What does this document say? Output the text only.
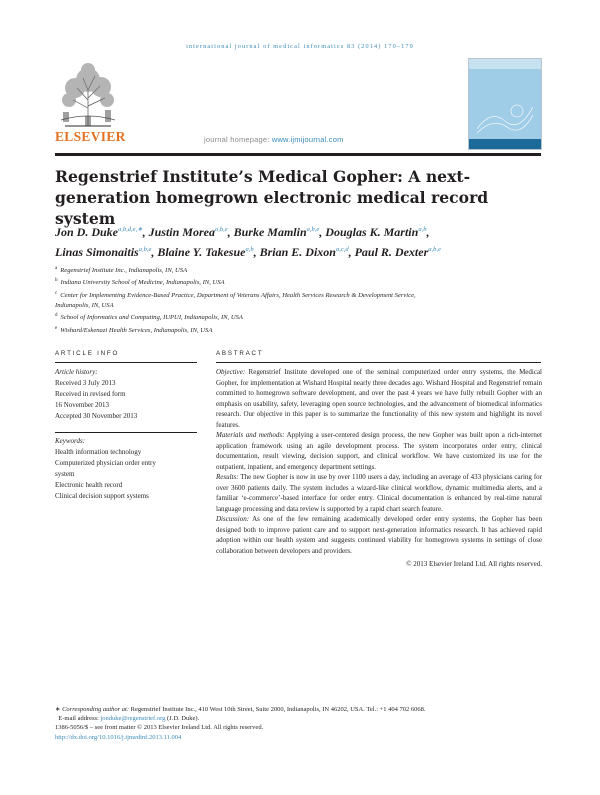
international journal of medical informatics 83 (2014) 170–179
ELSEVIER	journal homepage: www.ijmijournal.com
Regenstrief Institute’s Medical Gopher: A next-generation homegrown electronic medical record system
Jon D. Duke$^{a,b,d,e,∗}$, Justin Morea$^{a,b,e}$, Burke Mamlin$^{a,b,e}$, Douglas K. Martin$^{a,b}$,
Linas Simonaitis$^{a,b,e}$, Blaine Y. Takesue$^{a,b}$, Brian E. Dixon$^{a,c,d}$, Paul R. Dexter$^{a,b,e}$
$^a$ Regenstrief Institute Inc., Indianapolis, IN, USA
$^b$ Indiana University School of Medicine, Indianapolis, IN, USA
$^c$ Center for Implementing Evidence-Based Practice, Department of Veterans Affairs, Health Services Research & Development Service,
Indianapolis, IN, USA
$^d$ School of Informatics and Computing, IUPUI, Indianapolis, IN, USA
$^e$ Wishard/Eskenazi Health Services, Indianapolis, IN, USA
ARTICLE INFO	ABSTRACT
Article history:
Received 3 July 2013
Received in revised form
16 November 2013
Accepted 30 November 2013
Keywords:
Health information technology
Computerized physician order entry
system
Electronic health record
Clinical decision support systems

Objective: Regenstrief Institute developed one of the seminal computerized order entry systems, the Medical Gopher, for implementation at Wishard Hospital nearly three decades ago. Wishard Hospital and Regenstrief remain committed to homegrown software development, and over the past 4 years we have fully rebuilt Gopher with an emphasis on usability, safety, leveraging open source technologies, and the advancement of biomedical informatics research. Our objective in this paper is to summarize the functionality of this new system and highlight its novel features.

Materials and methods: Applying a user-centered design process, the new Gopher was built upon a rich-internet application framework using an agile development process. The system incorporates order entry, clinical documentation, result viewing, decision support, and clinical workflow. We have customized its use for the outpatient, inpatient, and emergency department settings.

Results: The new Gopher is now in use by over 1100 users a day, including an average of 433 physicians caring for over 3600 patients daily. The system includes a wizard-like clinical workflow, dynamic multimedia alerts, and a familiar ‘e-commerce’-based interface for order entry. Clinical documentation is enhanced by real-time natural language processing and data review is supported by a rapid chart search feature.

Discussion: As one of the few remaining academically developed order entry systems, the Gopher has been designed both to improve patient care and to support next-generation informatics research. It has achieved rapid adoption within our health system and suggests continued viability for homegrown systems in settings of close collaboration between developers and providers.

© 2013 Elsevier Ireland Ltd. All rights reserved.

∗ Corresponding author at: Regenstrief Institute Inc., 410 West 10th Street, Suite 2000, Indianapolis, IN 46202, USA. Tel.: +1 404 702 6068.
E-mail address: jonduke@regenstrief.org (J.D. Duke).
1386-5056/$ – see front matter © 2013 Elsevier Ireland Ltd. All rights reserved.
http://dx.doi.org/10.1016/j.ijmedinf.2013.11.004
